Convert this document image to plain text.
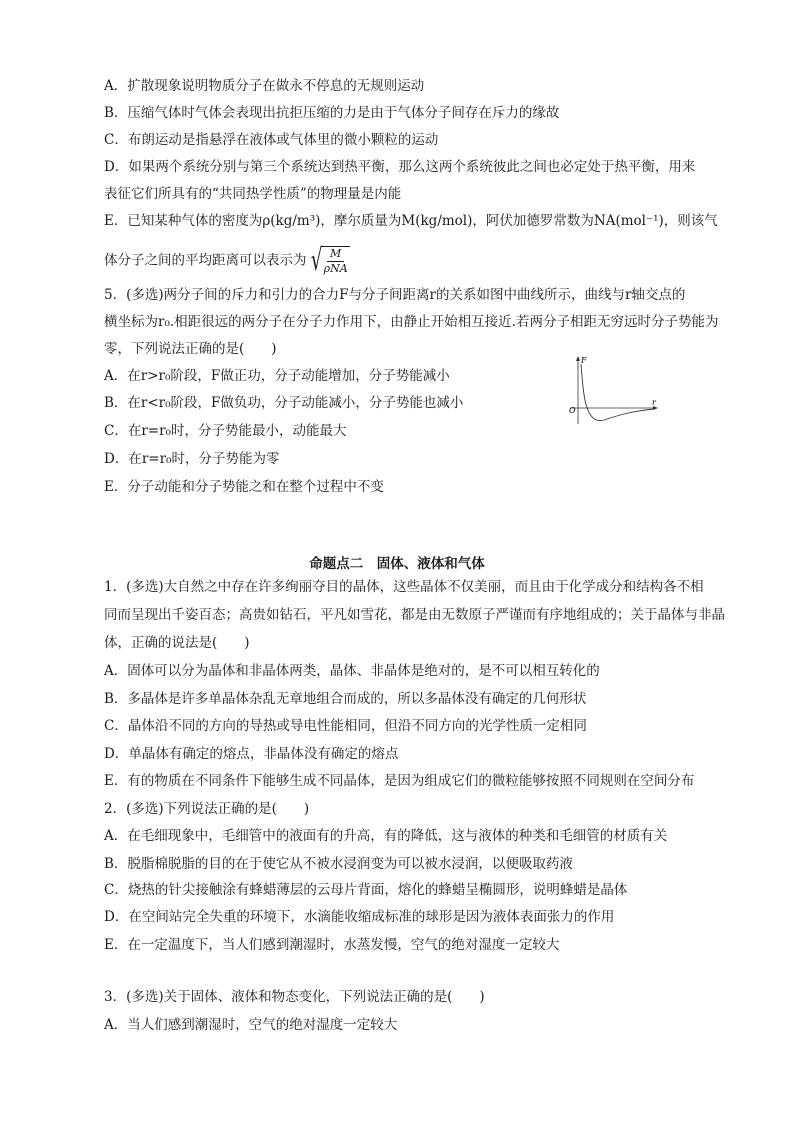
A．扩散现象说明物质分子在做永不停息的无规则运动
B．压缩气体时气体会表现出抗拒压缩的力是由于气体分子间存在斥力的缘故
C．布朗运动是指悬浮在液体或气体里的微小颗粒的运动
D．如果两个系统分别与第三个系统达到热平衡，那么这两个系统彼此之间也必定处于热平衡，用来
表征它们所具有的“共同热学性质”的物理量是内能
E．已知某种气体的密度为ρ(kg/m³)，摩尔质量为M(kg/mol)，阿伏加德罗常数为NA(mol⁻¹)，则该气
体分子之间的平均距离可以表示为 √ $\frac{M}{\text{ρNA}}$
5．(多选)两分子间的斥力和引力的合力F与分子间距离r的关系如图中曲线所示，曲线与r轴交点的
横坐标为r₀.相距很远的两分子在分子力作用下，由静止开始相互接近.若两分子相距无穷远时分子势能为
零，下列说法正确的是(　　)
A．在r>r₀阶段，F做正功，分子动能增加，分子势能减小
B．在r<r₀阶段，F做负功，分子动能减小，分子势能也减小
C．在r=r₀时，分子势能最小，动能最大
D．在r=r₀时，分子势能为零
E．分子动能和分子势能之和在整个过程中不变
F
r
O
命题点二　固体、液体和气体
1．(多选)大自然之中存在许多绚丽夺目的晶体，这些晶体不仅美丽，而且由于化学成分和结构各不相
同而呈现出千姿百态；高贵如钻石，平凡如雪花，都是由无数原子严谨而有序地组成的；关于晶体与非晶
体，正确的说法是(　　)
A．固体可以分为晶体和非晶体两类，晶体、非晶体是绝对的，是不可以相互转化的
B．多晶体是许多单晶体杂乱无章地组合而成的，所以多晶体没有确定的几何形状
C．晶体沿不同的方向的导热或导电性能相同，但沿不同方向的光学性质一定相同
D．单晶体有确定的熔点，非晶体没有确定的熔点
E．有的物质在不同条件下能够生成不同晶体，是因为组成它们的微粒能够按照不同规则在空间分布
2．(多选)下列说法正确的是(　　)
A．在毛细现象中，毛细管中的液面有的升高，有的降低，这与液体的种类和毛细管的材质有关
B．脱脂棉脱脂的目的在于使它从不被水浸润变为可以被水浸润，以便吸取药液
C．烧热的针尖接触涂有蜂蜡薄层的云母片背面，熔化的蜂蜡呈椭圆形，说明蜂蜡是晶体
D．在空间站完全失重的环境下，水滴能收缩成标准的球形是因为液体表面张力的作用
E．在一定温度下，当人们感到潮湿时，水蒸发慢，空气的绝对湿度一定较大
3．(多选)关于固体、液体和物态变化，下列说法正确的是(　　)
A．当人们感到潮湿时，空气的绝对湿度一定较大
